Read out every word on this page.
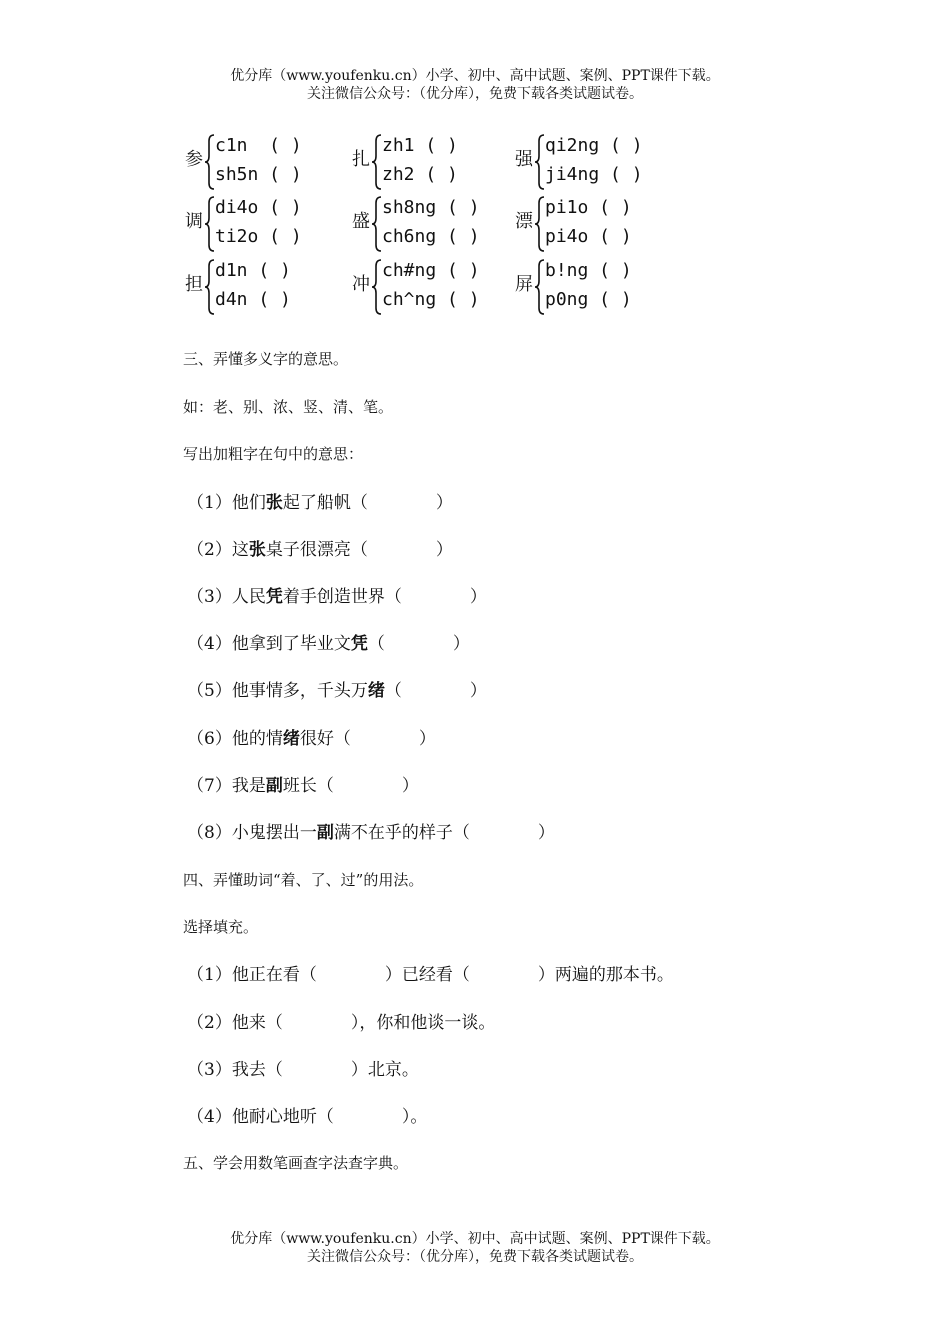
优分库（www.youfenku.cn）小学、初中、高中试题、案例、PPT课件下载。
关注微信公众号：（优分库），免费下载各类试题试卷。
参
c1n  ( )
sh5n ( )
扎
zh1 ( )
zh2 ( )
强
qi2ng ( )
ji4ng ( )
调
di4o ( )
ti2o ( )
盛
sh8ng ( )
ch6ng ( )
漂
pi1o ( )
pi4o ( )
担
d1n ( )
d4n ( )
冲
ch#ng ( )
ch^ng ( )
屏
b!ng ( )
p0ng ( )
三、弄懂多义字的意思。
如：老、别、浓、竖、清、笔。
写出加粗字在句中的意思：
（1）他们张起了船帆（　　　　）
（2）这张桌子很漂亮（　　　　）
（3）人民凭着手创造世界（　　　　）
（4）他拿到了毕业文凭（　　　　）
（5）他事情多，千头万绪（　　　　）
（6）他的情绪很好（　　　　）
（7）我是副班长（　　　　）
（8）小鬼摆出一副满不在乎的样子（　　　　）
四、弄懂助词“着、了、过”的用法。
选择填充。
（1）他正在看（　　　　）已经看（　　　　）两遍的那本书。
（2）他来（　　　　），你和他谈一谈。
（3）我去（　　　　）北京。
（4）他耐心地听（　　　　）。
五、学会用数笔画查字法查字典。
优分库（www.youfenku.cn）小学、初中、高中试题、案例、PPT课件下载。
关注微信公众号：（优分库），免费下载各类试题试卷。
